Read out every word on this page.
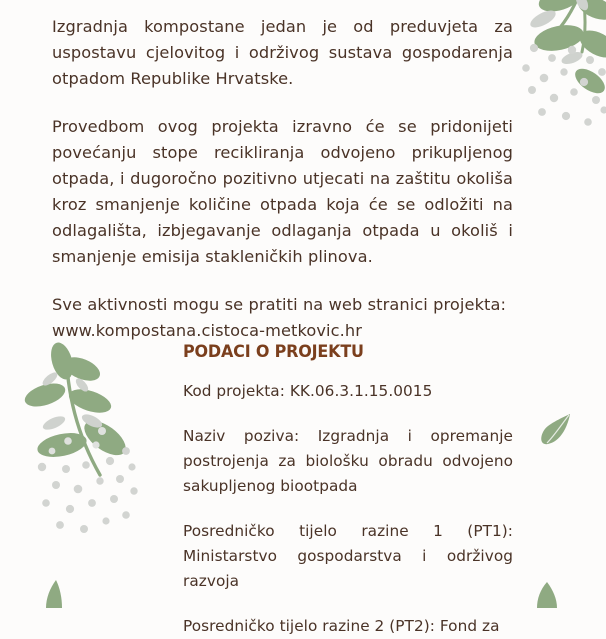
Izgradnja kompostane jedan je od preduvjeta za uspostavu cjelovitog i održivog sustava gospodarenja otpadom Republike Hrvatske.

Provedbom ovog projekta izravno će se pridonijeti povećanju stope recikliranja odvojeno prikupljenog otpada, i dugoročno pozitivno utjecati na zaštitu okoliša kroz smanjenje količine otpada koja će se odložiti na odlagališta, izbjegavanje odlaganja otpada u okoliš i smanjenje emisija stakleničkih plinova.

Sve aktivnosti mogu se pratiti na web stranici projekta:
www.kompostana.cistoca-metkovic.hr

PODACI O PROJEKTU

Kod projekta: KK.06.3.1.15.0015

Naziv poziva: Izgradnja i opremanje postrojenja za biološku obradu odvojeno sakupljenog biootpada

Posredničko tijelo razine 1 (PT1): Ministarstvo gospodarstva i održivog razvoja

Posredničko tijelo razine 2 (PT2): Fond za
